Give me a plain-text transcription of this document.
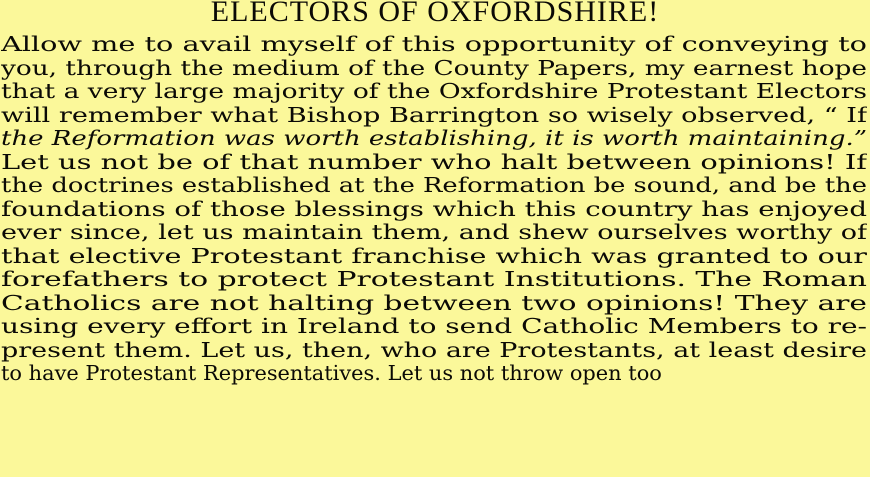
ELECTORS OF OXFORDSHIRE!
Allow me to avail myself of this opportunity of conveying to
you, through the medium of the County Papers, my earnest hope
that a very large majority of the Oxfordshire Protestant Electors
will remember what Bishop Barrington so wisely observed, “ If
the Reformation was worth establishing, it is worth maintaining.”
Let us not be of that number who halt between opinions! If
the doctrines established at the Reformation be sound, and be the
foundations of those blessings which this country has enjoyed
ever since, let us maintain them, and shew ourselves worthy of
that elective Protestant franchise which was granted to our
forefathers to protect Protestant Institutions. The Roman
Catholics are not halting between two opinions! They are
using every effort in Ireland to send Catholic Members to re-
present them. Let us, then, who are Protestants, at least desire
to have Protestant Representatives. Let us not throw open too
